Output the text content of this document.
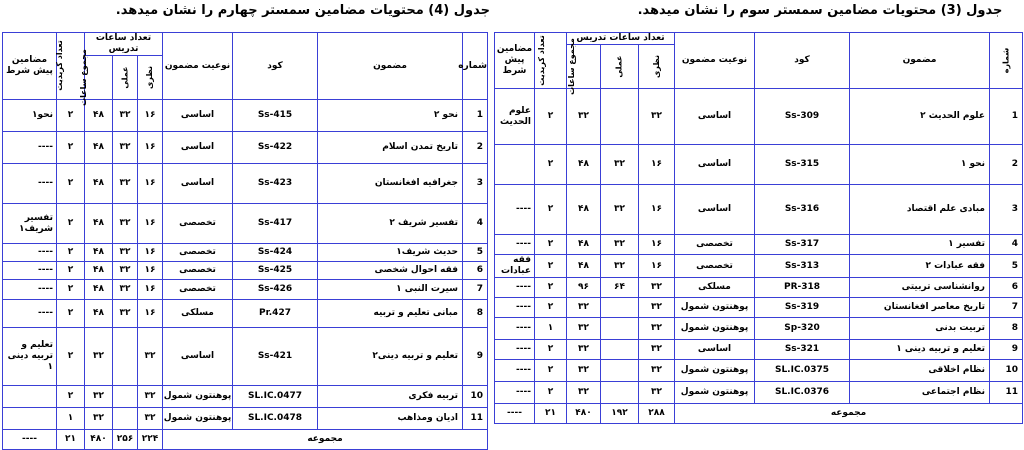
جدول (4) محتویات مضامین سمستر چهارم را نشان میدهد.	جدول (3) محتویات مضامین سمستر سوم را نشان میدهد.
شماره	مضمون	کود	نوعیت مضمون	تعداد ساعات تدریس			تعداد کریدیت	مضامین پیش شرط
				نظری	عملی	مجموع ساعات		
1	نحو ۲	Ss-415	اساسی	۱۶	۳۲	۴۸	۲	نحو۱
2	تاریخ تمدن اسلام	Ss-422	اساسی	۱۶	۳۲	۴۸	۲	----
3	جغرافیه افغانستان	Ss-423	اساسی	۱۶	۳۲	۴۸	۲	----
4	تفسیر شریف ۲	Ss-417	تخصصی	۱۶	۳۲	۴۸	۲	تفسیر شریف۱
5	حدیث شریف۱	Ss-424	تخصصی	۱۶	۳۲	۴۸	۲	----
6	فقه احوال شخصی	Ss-425	تخصصی	۱۶	۳۲	۴۸	۲	----
7	سیرت النبی ۱	Ss-426	تخصصی	۱۶	۳۲	۴۸	۲	----
8	مبانی تعلیم و تربیه	Pr.427	مسلکی	۱۶	۳۲	۴۸	۲	----
9	تعلیم و تربیه دینی۲	Ss-421	اساسی	۳۲		۳۲	۲	تعلیم و تربیه دینی ۱
10	تربیه فکری	SL.IC.0477	پوهنتون شمول	۳۲		۳۲	۲	
11	ادیان ومذاهب	SL.IC.0478	پوهنتون شمول	۳۲		۳۲	۱	
مجموعه				۲۲۴	۲۵۶	۴۸۰	۲۱	----
شماره	مضمون	کود	نوعیت مضمون	تعداد ساعات تدریس			تعداد کریدیت	مضامین پیش شرط
				نظری	عملی	مجموع ساعات		
1	علوم الحدیث ۲	Ss-309	اساسی	۳۲		۳۲	۲	علوم الحدیث
2	نحو ۱	Ss-315	اساسی	۱۶	۳۲	۴۸	۲	
3	مبادی علم اقتصاد	Ss-316	اساسی	۱۶	۳۲	۴۸	۲	----
4	تفسیر ۱	Ss-317	تخصصی	۱۶	۳۲	۴۸	۲	----
5	فقه عبادات ۲	Ss-313	تخصصی	۱۶	۳۲	۴۸	۲	فقه عبادات
6	روانشناسی تربیتی	PR-318	مسلکی	۳۲	۶۴	۹۶	۲	----
7	تاریخ معاصر افغانستان	Ss-319	پوهنتون شمول	۳۲		۳۲	۲	----
8	تربیت بدنی	Sp-320	پوهنتون شمول	۳۲		۳۲	۱	----
9	تعلیم و تربیه دینی ۱	Ss-321	اساسی	۳۲		۳۲	۲	----
10	نظام اخلاقی	SL.IC.0375	پوهنتون شمول	۳۲		۳۲	۲	----
11	نظام اجتماعی	SL.IC.0376	پوهنتون شمول	۳۲		۳۲	۲	----
مجموعه				۲۸۸	۱۹۲	۴۸۰	۲۱	----
